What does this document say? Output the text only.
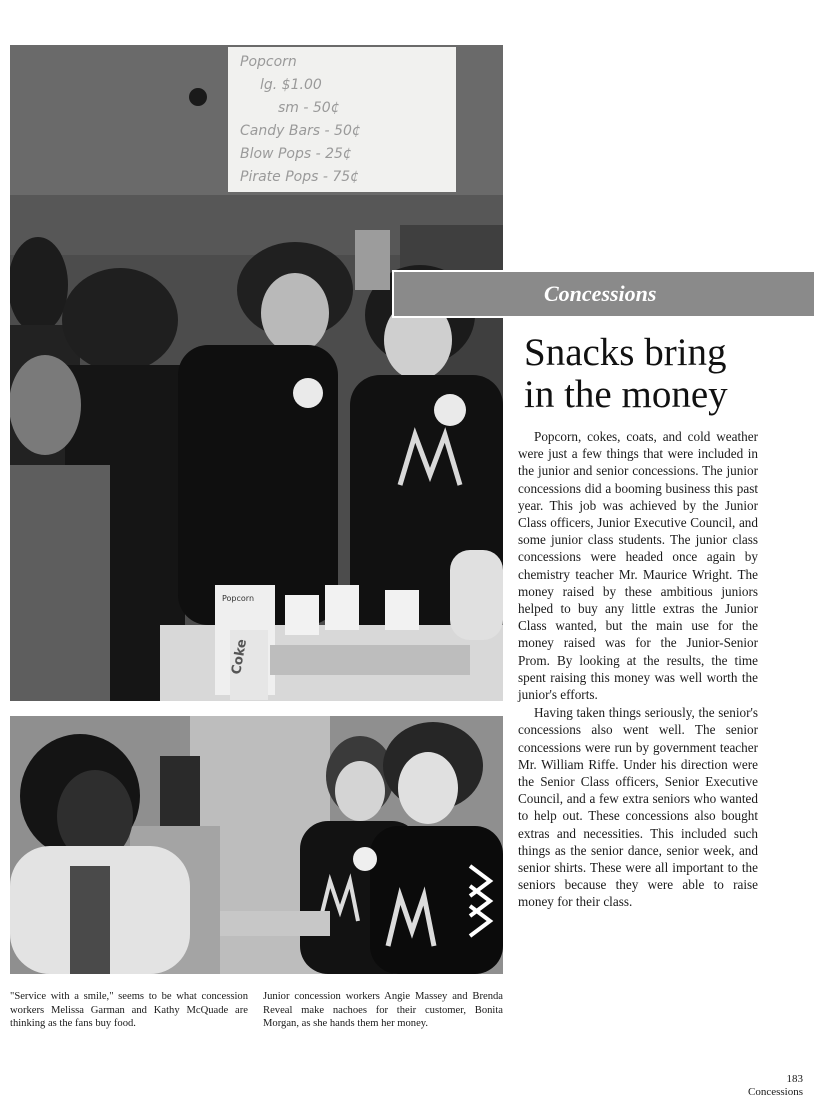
Popcorn
Coke
Popcorn
lg. $1.00
sm - 50¢
Candy Bars - 50¢
Blow Pops - 25¢
Pirate Pops - 75¢
Concessions
Snacks bring
in the money

Popcorn, cokes, coats, and cold weather were just a few things that were included in the junior and senior concessions. The junior concessions did a booming business this past year. This job was achieved by the Junior Class officers, Junior Executive Council, and some junior class students. The junior class concessions were headed once again by chemistry teacher Mr. Maurice Wright. The money raised by these ambitious juniors helped to buy any little extras the Junior Class wanted, but the main use for the money raised was for the Junior-Senior Prom. By looking at the results, the time spent raising this money was well worth the junior's efforts.

Having taken things seriously, the senior's concessions also went well. The senior concessions were run by government teacher Mr. William Riffe. Under his direction were the Senior Class officers, Senior Executive Council, and a few extra seniors who wanted to help out. These concessions also bought extras and necessities. This included such things as the senior dance, senior week, and senior shirts. These were all important to the seniors because they were able to raise money for their class.

"Service with a smile," seems to be what concession workers Melissa Garman and Kathy McQuade are thinking as the fans buy food.
Junior concession workers Angie Massey and Brenda Reveal make nachoes for their customer, Bonita Morgan, as she hands them her money.
183
Concessions
